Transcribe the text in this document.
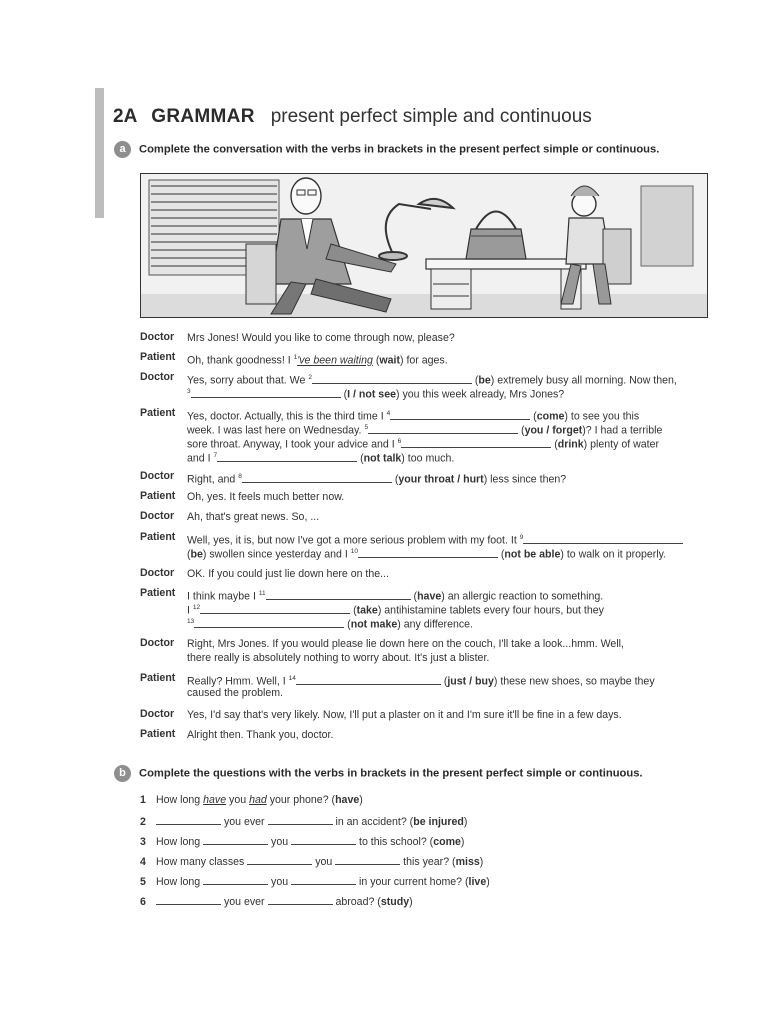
2A GRAMMAR present perfect simple and continuous
a Complete the conversation with the verbs in brackets in the present perfect simple or continuous.
Doctor	Mrs Jones! Would you like to come through now, please?
Patient	Oh, thank goodness! I $^1$'ve been waiting (wait) for ages.
Doctor	Yes, sorry about that. We $^2$	(be) extremely busy all morning. Now then,
$^3$	(I / not see) you this week already, Mrs Jones?
Patient	Yes, doctor. Actually, this is the third time I $^4$	(come) to see you this
week. I was last here on Wednesday. $^5$	(you / forget)? I had a terrible
sore throat. Anyway, I took your advice and I $^6$	(drink) plenty of water
and I $^7$	(not talk) too much.
Doctor	Right, and $^8$	(your throat / hurt) less since then?
Patient	Oh, yes. It feels much better now.
Doctor	Ah, that's great news. So, ...
Patient	Well, yes, it is, but now I've got a more serious problem with my foot. It $^9$
(be) swollen since yesterday and I $^{10}$	(not be able) to walk on it properly.
Doctor	OK. If you could just lie down here on the...
Patient	I think maybe I $^{11}$	(have) an allergic reaction to something.
I $^{12}$	(take) antihistamine tablets every four hours, but they
$^{13}$	(not make) any difference.
Doctor	Right, Mrs Jones. If you would please lie down here on the couch, I'll take a look...hmm. Well,
there really is absolutely nothing to worry about. It's just a blister.
Patient	Really? Hmm. Well, I $^{14}$	(just / buy) these new shoes, so maybe they
caused the problem.
Doctor	Yes, I'd say that's very likely. Now, I'll put a plaster on it and I'm sure it'll be fine in a few days.
Patient	Alright then. Thank you, doctor.
b Complete the questions with the verbs in brackets in the present perfect simple or continuous.
1 How long have you had your phone? (have)
2	you ever	in an accident? (be injured)
3 How long	you	to this school? (come)
4 How many classes	you	this year? (miss)
5 How long	you	in your current home? (live)
6	you ever	abroad? (study)
